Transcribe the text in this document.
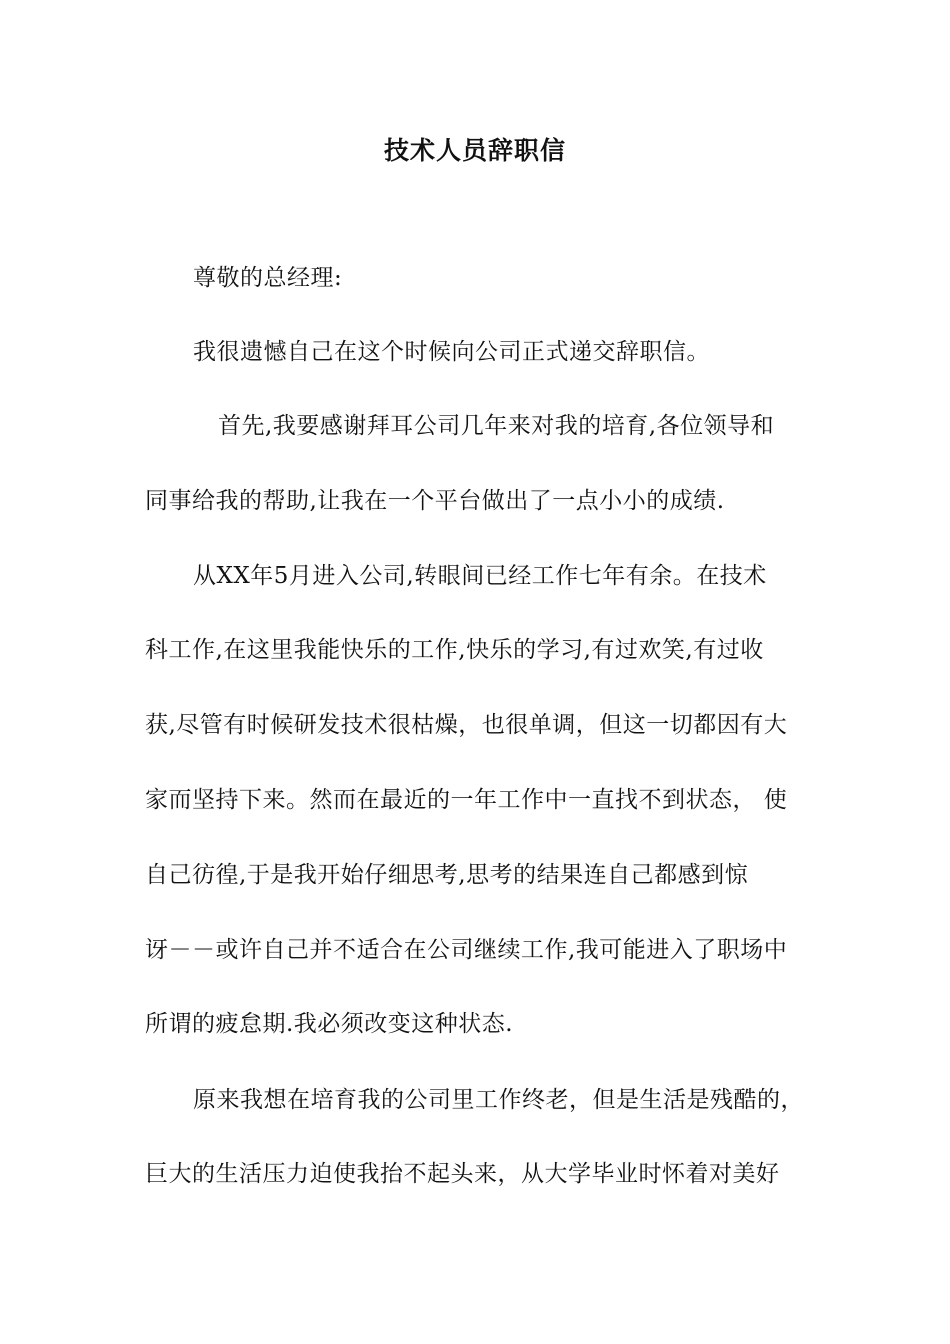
技术人员辞职信
尊敬的总经理:
我很遗憾自己在这个时候向公司正式递交辞职信。
首先,我要感谢拜耳公司几年来对我的培育,各位领导和
同事给我的帮助,让我在一个平台做出了一点小小的成绩.
从XX年5月进入公司,转眼间已经工作七年有余。在技术
科工作,在这里我能快乐的工作,快乐的学习,有过欢笑,有过收
获,尽管有时候研发技术很枯燥，也很单调，但这一切都因有大
家而坚持下来。然而在最近的一年工作中一直找不到状态， 使
自己彷徨,于是我开始仔细思考,思考的结果连自己都感到惊
讶－－或许自己并不适合在公司继续工作,我可能进入了职场中
所谓的疲怠期.我必须改变这种状态.
原来我想在培育我的公司里工作终老，但是生活是残酷的，
巨大的生活压力迫使我抬不起头来，从大学毕业时怀着对美好
